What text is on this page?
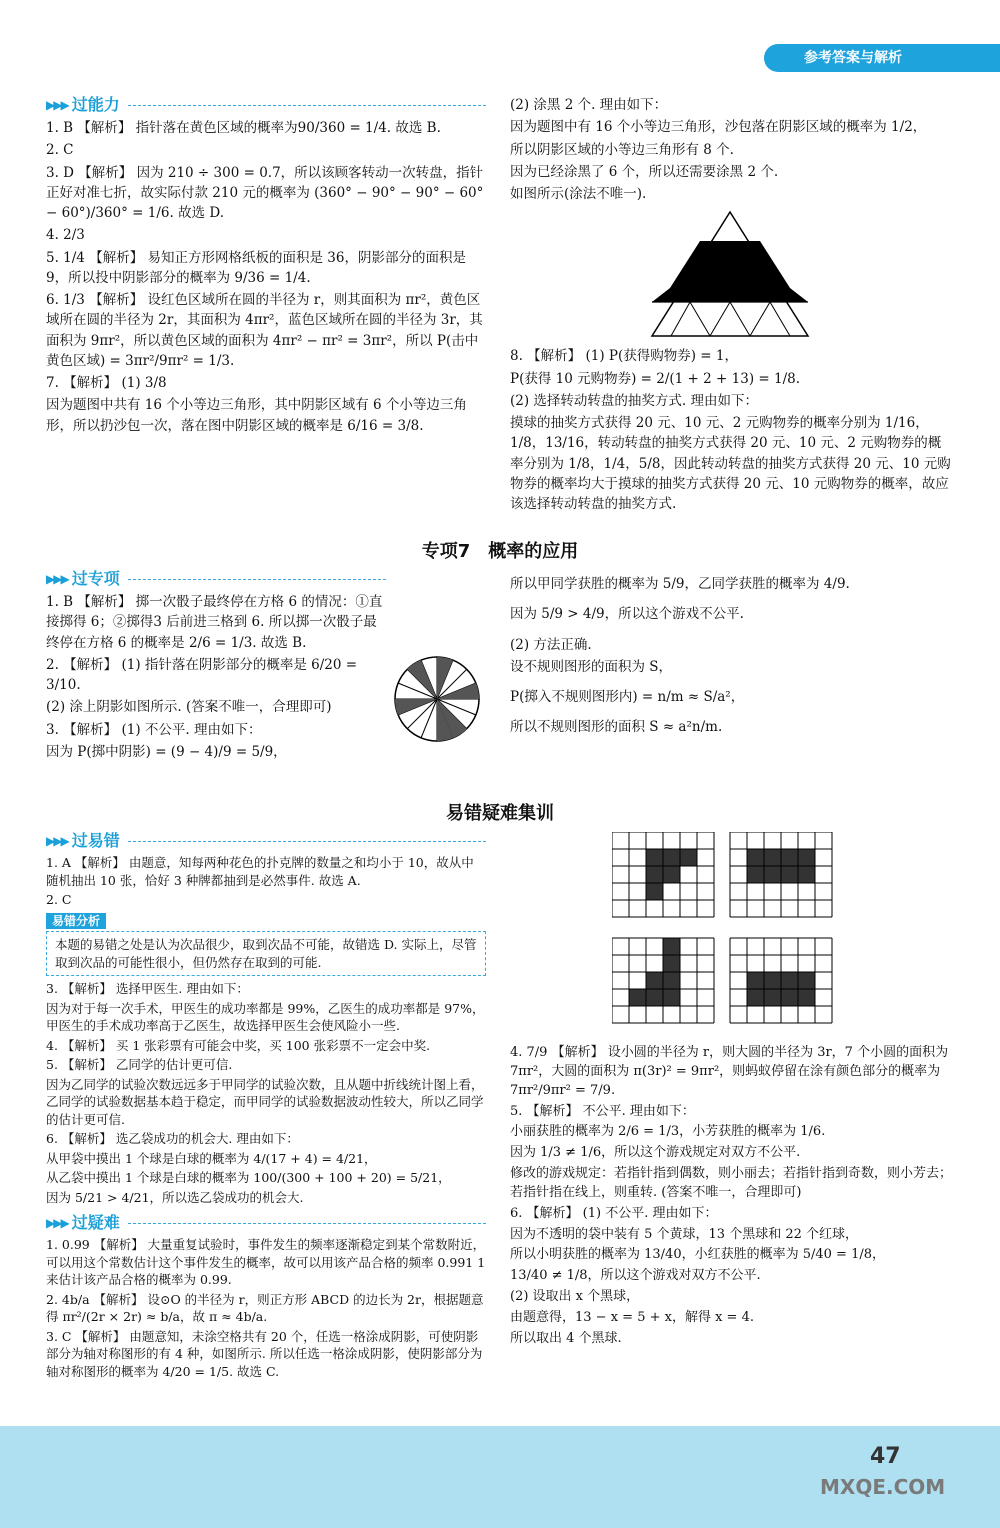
参考答案与解析
▶▶▶ 过能力

1. B 【解析】 指针落在黄色区域的概率为90/360 = 1/4. 故选 B.

2. C

3. D 【解析】 因为 210 ÷ 300 = 0.7，所以该顾客转动一次转盘，指针正好对准七折，故实际付款 210 元的概率为 (360° − 90° − 90° − 60° − 60°)/360° = 1/6. 故选 D.

4. 2/3

5. 1/4 【解析】 易知正方形网格纸板的面积是 36，阴影部分的面积是 9，所以投中阴影部分的概率为 9/36 = 1/4.

6. 1/3 【解析】 设红色区域所在圆的半径为 r，则其面积为 πr²，黄色区域所在圆的半径为 2r，其面积为 4πr²，蓝色区域所在圆的半径为 3r，其面积为 9πr²，所以黄色区域的面积为 4πr² − πr² = 3πr²，所以 P(击中黄色区域) = 3πr²/9πr² = 1/3.

7. 【解析】 (1) 3/8

因为题图中共有 16 个小等边三角形，其中阴影区域有 6 个小等边三角形，所以扔沙包一次，落在图中阴影区域的概率是 6/16 = 3/8.

(2) 涂黑 2 个. 理由如下：

因为题图中有 16 个小等边三角形，沙包落在阴影区域的概率为 1/2，

所以阴影区域的小等边三角形有 8 个.

因为已经涂黑了 6 个，所以还需要涂黑 2 个.

如图所示(涂法不唯一).

8. 【解析】 (1) P(获得购物券) = 1，

P(获得 10 元购物券) = 2/(1 + 2 + 13) = 1/8.

(2) 选择转动转盘的抽奖方式. 理由如下：

摸球的抽奖方式获得 20 元、10 元、2 元购物券的概率分别为 1/16，1/8，13/16，转动转盘的抽奖方式获得 20 元、10 元、2 元购物券的概率分别为 1/8，1/4，5/8，因此转动转盘的抽奖方式获得 20 元、10 元购物券的概率均大于摸球的抽奖方式获得 20 元、10 元购物券的概率，故应该选择转动转盘的抽奖方式.

专项7　概率的应用
▶▶▶ 过专项

1. B 【解析】 掷一次骰子最终停在方格 6 的情况：①直接掷得 6；②掷得3 后前进三格到 6. 所以掷一次骰子最终停在方格 6 的概率是 2/6 = 1/3. 故选 B.

2. 【解析】 (1) 指针落在阴影部分的概率是 6/20 = 3/10.

(2) 涂上阴影如图所示. (答案不唯一，合理即可)

3. 【解析】 (1) 不公平. 理由如下：

因为 P(掷中阴影) = (9 − 4)/9 = 5/9，

所以甲同学获胜的概率为 5/9，乙同学获胜的概率为 4/9.

因为 5/9 > 4/9，所以这个游戏不公平.

(2) 方法正确.

设不规则图形的面积为 S，

P(掷入不规则图形内) = n/m ≈ S/a²，

所以不规则图形的面积 S ≈ a²n/m.

易错疑难集训
▶▶▶ 过易错

1. A 【解析】 由题意，知每两种花色的扑克牌的数量之和均小于 10，故从中随机抽出 10 张，恰好 3 种牌都抽到是必然事件. 故选 A.

2. C

易错分析
本题的易错之处是认为次品很少，取到次品不可能，故错选 D. 实际上，尽管取到次品的可能性很小，但仍然存在取到的可能.

3. 【解析】 选择甲医生. 理由如下：

因为对于每一次手术，甲医生的成功率都是 99%，乙医生的成功率都是 97%，甲医生的手术成功率高于乙医生，故选择甲医生会使风险小一些.

4. 【解析】 买 1 张彩票有可能会中奖，买 100 张彩票不一定会中奖.

5. 【解析】 乙同学的估计更可信.

因为乙同学的试验次数远远多于甲同学的试验次数，且从题中折线统计图上看，乙同学的试验数据基本趋于稳定，而甲同学的试验数据波动性较大，所以乙同学的估计更可信.

6. 【解析】 选乙袋成功的机会大. 理由如下：

从甲袋中摸出 1 个球是白球的概率为 4/(17 + 4) = 4/21，

从乙袋中摸出 1 个球是白球的概率为 100/(300 + 100 + 20) = 5/21，

因为 5/21 > 4/21，所以选乙袋成功的机会大.

▶▶▶ 过疑难

1. 0.99 【解析】 大量重复试验时，事件发生的频率逐渐稳定到某个常数附近，可以用这个常数估计这个事件发生的概率，故可以用该产品合格的频率 0.991 1 来估计该产品合格的概率为 0.99.

2. 4b/a 【解析】 设⊙O 的半径为 r，则正方形 ABCD 的边长为 2r，根据题意得 πr²/(2r × 2r) ≈ b/a，故 π ≈ 4b/a.

3. C 【解析】 由题意知，未涂空格共有 20 个，任选一格涂成阴影，可使阴影部分为轴对称图形的有 4 种，如图所示. 所以任选一格涂成阴影，使阴影部分为轴对称图形的概率为 4/20 = 1/5. 故选 C.

4. 7/9 【解析】 设小圆的半径为 r，则大圆的半径为 3r，7 个小圆的面积为 7πr²，大圆的面积为 π(3r)² = 9πr²，则蚂蚁停留在涂有颜色部分的概率为 7πr²/9πr² = 7/9.

5. 【解析】 不公平. 理由如下：

小丽获胜的概率为 2/6 = 1/3，小芳获胜的概率为 1/6.

因为 1/3 ≠ 1/6，所以这个游戏规定对双方不公平.

修改的游戏规定：若指针指到偶数，则小丽去；若指针指到奇数，则小芳去；若指针指在线上，则重转. (答案不唯一，合理即可)

6. 【解析】 (1) 不公平. 理由如下：

因为不透明的袋中装有 5 个黄球，13 个黑球和 22 个红球，

所以小明获胜的概率为 13/40，小红获胜的概率为 5/40 = 1/8，

13/40 ≠ 1/8，所以这个游戏对双方不公平.

(2) 设取出 x 个黑球，

由题意得，13 − x = 5 + x，解得 x = 4.

所以取出 4 个黑球.

47
MXQE.COM
